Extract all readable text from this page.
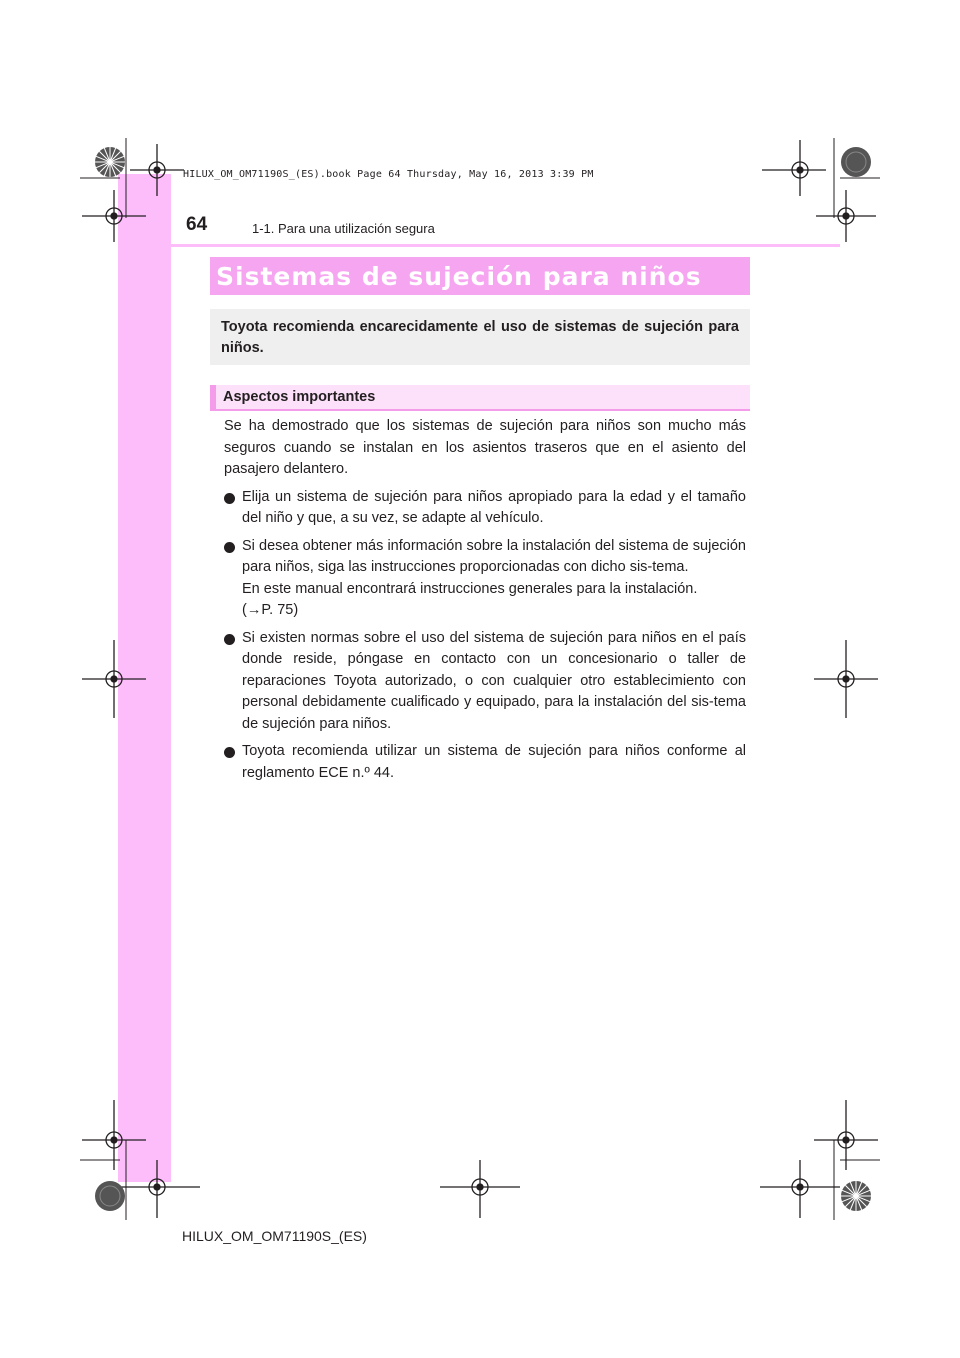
HILUX_OM_OM71190S_(ES).book Page 64 Thursday, May 16, 2013 3:39 PM
64	1-1. Para una utilización segura
Sistemas de sujeción para niños
Toyota recomienda encarecidamente el uso de sistemas de sujeción para niños.
Aspectos importantes

Se ha demostrado que los sistemas de sujeción para niños son mucho más seguros cuando se instalan en los asientos traseros que en el asiento del pasajero delantero.

Elija un sistema de sujeción para niños apropiado para la edad y el tamaño del niño y que, a su vez, se adapte al vehículo.

Si desea obtener más información sobre la instalación del sistema de sujeción para niños, siga las instrucciones proporcionadas con dicho sis-tema.

En este manual encontrará instrucciones generales para la instalación.

(→P. 75)

Si existen normas sobre el uso del sistema de sujeción para niños en el país donde reside, póngase en contacto con un concesionario o taller de reparaciones Toyota autorizado, o con cualquier otro establecimiento con personal debidamente cualificado y equipado, para la instalación del sis-tema de sujeción para niños.

Toyota recomienda utilizar un sistema de sujeción para niños conforme al reglamento ECE n.º 44.

HILUX_OM_OM71190S_(ES)
